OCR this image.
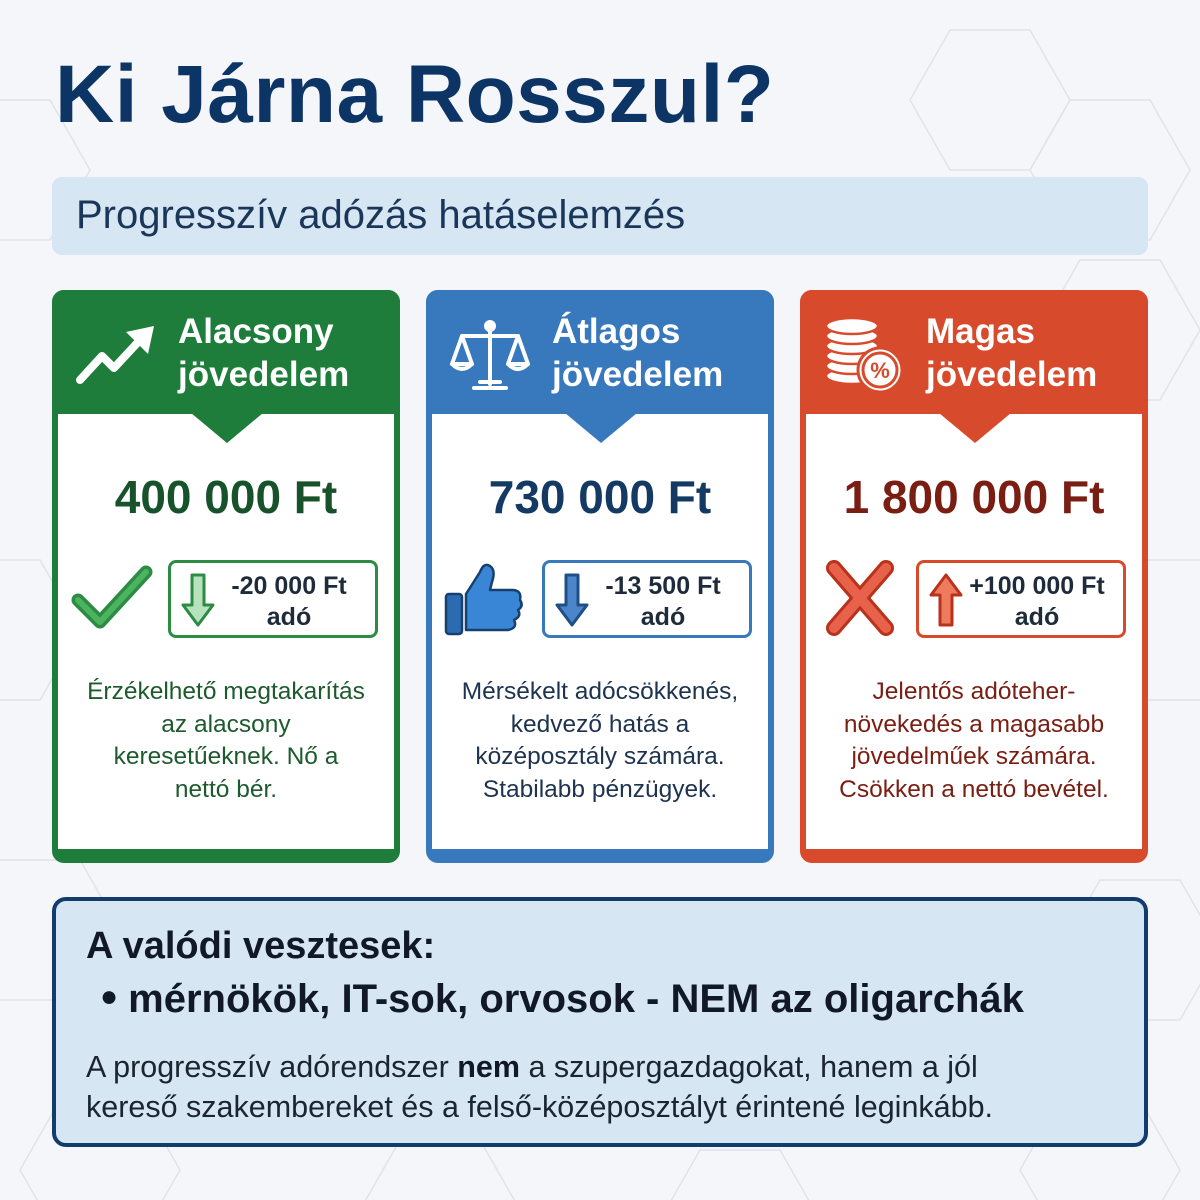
Ki Járna Rosszul?
Progresszív adózás hatáselemzés
Alacsony
jövedelem
400 000 Ft
-20 000 Ft
adó
Érzékelhető megtakarítás
az alacsony
keresetűeknek. Nő a
nettó bér.
Átlagos
jövedelem
730 000 Ft
-13 500 Ft
adó
Mérsékelt adócsökkenés,
kedvező hatás a
középosztály számára.
Stabilabb pénzügyek.
%
Magas
jövedelem
1 800 000 Ft
+100 000 Ft
adó
Jelentős adóteher-
növekedés a magasabb
jövedelműek számára.
Csökken a nettó bevétel.
A valódi vesztesek:
● mérnökök, IT-sok, orvosok - NEM az oligarchák
A progresszív adórendszer nem a szupergazdagokat, hanem a jól
kereső szakembereket és a felső-középosztályt érintené leginkább.
